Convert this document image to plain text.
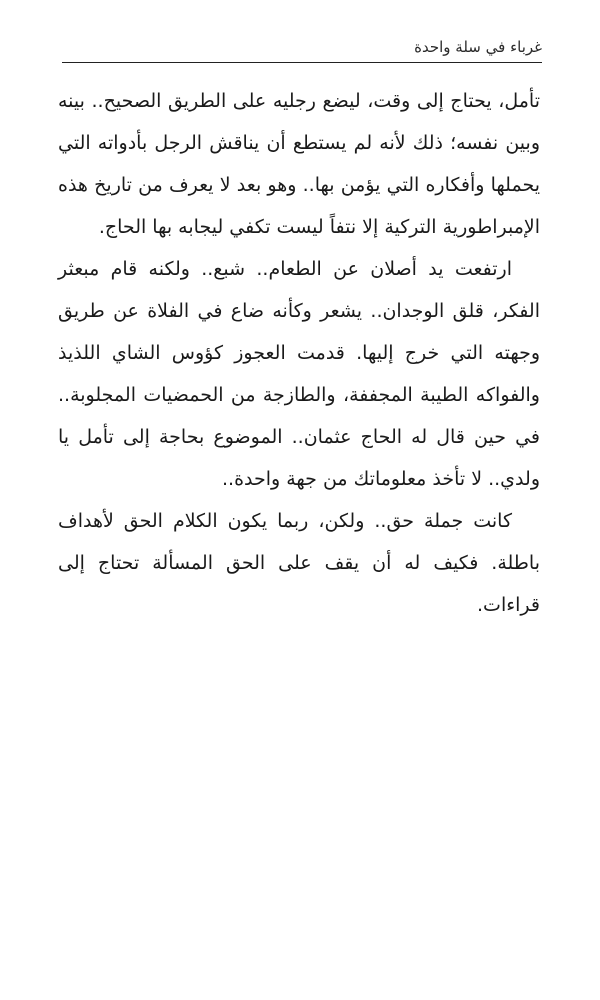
غرباء في سلة واحدة

تأمل، يحتاج إلى وقت، ليضع رجليه على الطريق الصحيح.. بينه وبين نفسه؛ ذلك لأنه لم يستطع أن يناقش الرجل بأدواته التي يحملها وأفكاره التي يؤمن بها.. وهو بعد لا يعرف من تاريخ هذه الإمبراطورية التركية إلا نتفاً ليست تكفي ليجابه بها الحاج.

ارتفعت يد أصلان عن الطعام.. شبع.. ولكنه قام مبعثر الفكر، قلق الوجدان.. يشعر وكأنه ضاع في الفلاة عن طريق وجهته التي خرج إليها. قدمت العجوز كؤوس الشاي اللذيذ والفواكه الطيبة المجففة، والطازجة من الحمضيات المجلوبة.. في حين قال له الحاج عثمان.. الموضوع بحاجة إلى تأمل يا ولدي.. لا تأخذ معلوماتك من جهة واحدة..

كانت جملة حق.. ولكن، ربما يكون الكلام الحق لأهداف باطلة. فكيف له أن يقف على الحق المسألة تحتاج إلى قراءات.
